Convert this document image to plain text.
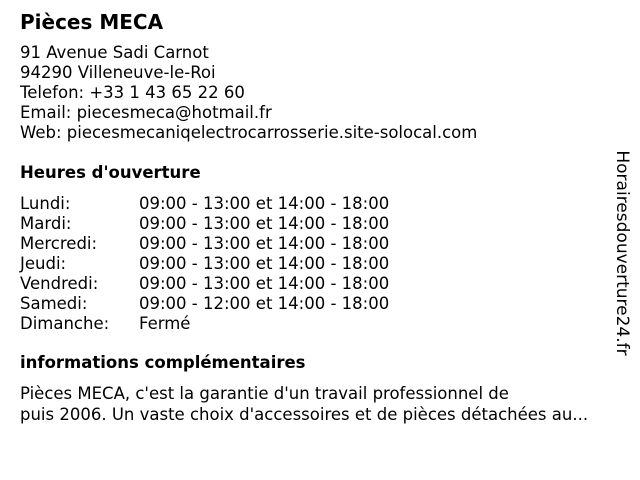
Pièces MECA
91 Avenue Sadi Carnot
94290 Villeneuve-le-Roi
Telefon: +33 1 43 65 22 60
Email: piecesmeca@hotmail.fr
Web: piecesmecaniqelectrocarrosserie.site-solocal.com
Heures d'ouverture
Lundi:	09:00 - 13:00 et 14:00 - 18:00
Mardi:	09:00 - 13:00 et 14:00 - 18:00
Mercredi:	09:00 - 13:00 et 14:00 - 18:00
Jeudi:	09:00 - 13:00 et 14:00 - 18:00
Vendredi: 09:00 - 13:00 et 14:00 - 18:00
Samedi:	09:00 - 12:00 et 14:00 - 18:00
Dimanche: Fermé
informations complémentaires
Pièces MECA, c'est la garantie d'un travail professionnel de
puis 2006. Un vaste choix d'accessoires et de pièces détachées au...
Horairesdouverture24.fr
